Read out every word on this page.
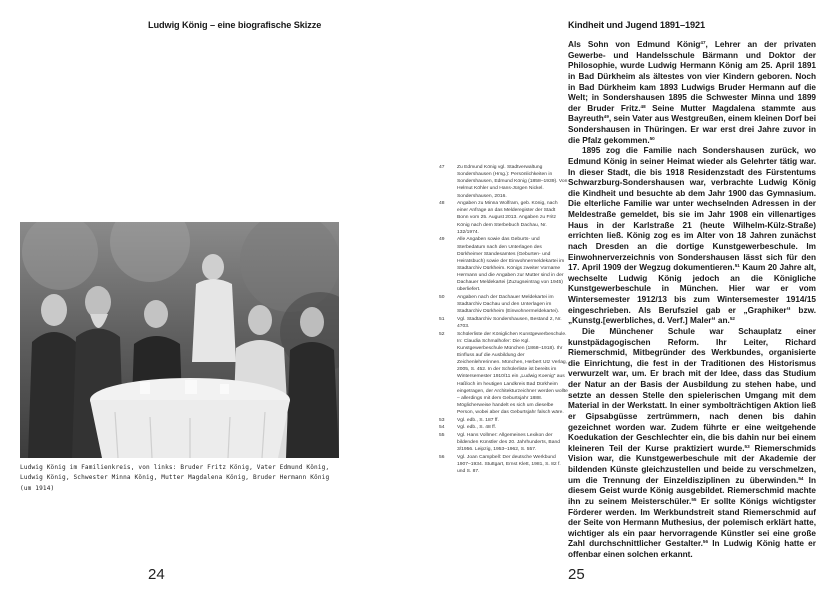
Ludwig König – eine biografische Skizze	Kindheit und Jugend 1891–1921
Ludwig König im Familienkreis, von links: Bruder Fritz König, Vater Edmund König, Ludwig König, Schwester Minna König, Mutter Magdalena König, Bruder Hermann König (um 1914)
47	Zu Edmund König vgl. Stadtverwaltung Sondershausen (Hrsg.): Persönlichkeiten in Sondershausen, Edmund König (1858–1939). Von Helmut Köhler und Hans-Jürgen Nickel. Sondershausen, 2016.
48	Angaben zu Minna Wolfram, geb. König, nach einer Anfrage an das Melderegister der Stadt Bonn vom 25. August 2013. Angaben zu Fritz König nach dem Sterbebuch Dachau, Nr. 132/1974.
49	Alle Angaben sowie das Geburts- und Sterbedatum nach den Unterlagen des Dürkheimer Standesamtes (Geburten- und Heiratsbuch) sowie der Einwohnermeldekartei im Stadtarchiv Dürkheim. Königs zweiter Vorname Hermann und die Angaben zur Mutter sind in der Dachauer Meldekartei (Zuzugseintrag von 1945) überliefert.
50	Angaben nach der Dachauer Meldekartei im Stadtarchiv Dachau und den Unterlagen im Stadtarchiv Dürkheim (Einwohnermeldekartei).
51	Vgl. Stadtarchiv Sondershausen, Bestand 2, Nr. 4703.
52	Schülerliste der Königlichen Kunstgewerbeschule. In: Claudia Schmalhofer: Die Kgl. Kunstgewerbeschule München (1868–1918). Ihr Einfluss auf die Ausbildung der Zeichenlehrerinnen. München, Herbert Utz Verlag, 2005, S. 452. In der Schülerliste ist bereits im Wintersemester 1910/11 ein „Ludwig Koenig“ aus Haßloch im heutigen Landkreis Bad Dürkheim eingetragen, der Architekturzeichner werden wollte – allerdings mit dem Geburtsjahr 1888. Möglicherweise handelt es sich um dieselbe Person, wobei aber das Geburtsjahr falsch wäre.
53	Vgl. edb., S. 187 ff.
54	Vgl. edb., S. 48 ff.
55	Vgl. Hans Vollmer: Allgemeines Lexikon der bildenden Künstler des 20. Jahrhunderts, Band 3/1956. Leipzig, 1953–1962, S. 557.
56	Vgl. Joan Campbell: Der deutsche Werkbund 1907–1934. Stuttgart, Ernst Klett, 1981, S. 82 f. und S. 87.

Als Sohn von Edmund König$^{47}$, Lehrer an der privaten Gewerbe- und Handelsschule Bärmann und Doktor der Philosophie, wurde Ludwig Hermann König am 25. April 1891 in Bad Dürkheim als ältestes von vier Kindern geboren. Noch in Bad Dürkheim kam 1893 Ludwigs Bruder Hermann auf die Welt; in Sondershausen 1895 die Schwester Minna und 1899 der Bruder Fritz.$^{48}$ Seine Mutter Magdalena stammte aus Bayreuth$^{49}$, sein Vater aus Westgreußen, einem kleinen Dorf bei Sondershausen in Thüringen. Er war erst drei Jahre zuvor in die Pfalz gekommen.$^{50}$

1895 zog die Familie nach Sondershausen zurück, wo Edmund König in seiner Heimat wieder als Gelehrter tätig war. In dieser Stadt, die bis 1918 Residenzstadt des Fürstentums Schwarzburg-Sondershausen war, verbrachte Ludwig König die Kindheit und besuchte ab dem Jahr 1900 das Gymnasium. Die elterliche Familie war unter wechselnden Adressen in der Meldestraße gemeldet, bis sie im Jahr 1908 ein villenartiges Haus in der Karlstraße 21 (heute Wilhelm-Külz-Straße) errichten ließ. König zog es im Alter von 18 Jahren zunächst nach Dresden an die dortige Kunstgewerbeschule. Im Einwohnerverzeichnis von Sondershausen lässt sich für den 17. April 1909 der Wegzug dokumentieren.$^{51}$ Kaum 20 Jahre alt, wechselte Ludwig König jedoch an die Königliche Kunstgewerbeschule in München. Hier war er vom Wintersemester 1912/13 bis zum Wintersemester 1914/15 eingeschrieben. Als Berufsziel gab er „Graphiker“ bzw. „Kunstg.[ewerbliches, d. Verf.] Maler“ an.$^{52}$

Die Münchener Schule war Schauplatz einer kunstpädagogischen Reform. Ihr Leiter, Richard Riemerschmid, Mitbegründer des Werkbundes, organisierte die Einrichtung, die fest in der Traditionen des Historismus verwurzelt war, um. Er brach mit der Idee, dass das Studium der Natur an der Basis der Ausbildung zu stehen habe, und setzte an dessen Stelle den spielerischen Umgang mit dem Material in der Werkstatt. In einer symbolträchtigen Aktion ließ er Gipsabgüsse zertrümmern, nach denen bis dahin gezeichnet worden war. Zudem führte er eine weitgehende Koedukation der Geschlechter ein, die bis dahin nur bei einem kleineren Teil der Kurse praktiziert wurde.$^{53}$ Riemerschmids Vision war, die Kunstgewerbeschule mit der Akademie der bildenden Künste gleichzustellen und beide zu verschmelzen, um die Trennung der Einzeldisziplinen zu überwinden.$^{54}$ In diesem Geist wurde König ausgebildet. Riemerschmid machte ihn zu seinem Meisterschüler.$^{55}$ Er sollte Königs wichtigster Förderer werden. Im Werkbundstreit stand Riemerschmid auf der Seite von Hermann Muthesius, der polemisch erklärt hatte, wichtiger als ein paar hervorragende Künstler sei eine große Zahl durchschnittlicher Gestalter.$^{56}$ In Ludwig König hatte er offenbar einen solchen erkannt.

24	25
